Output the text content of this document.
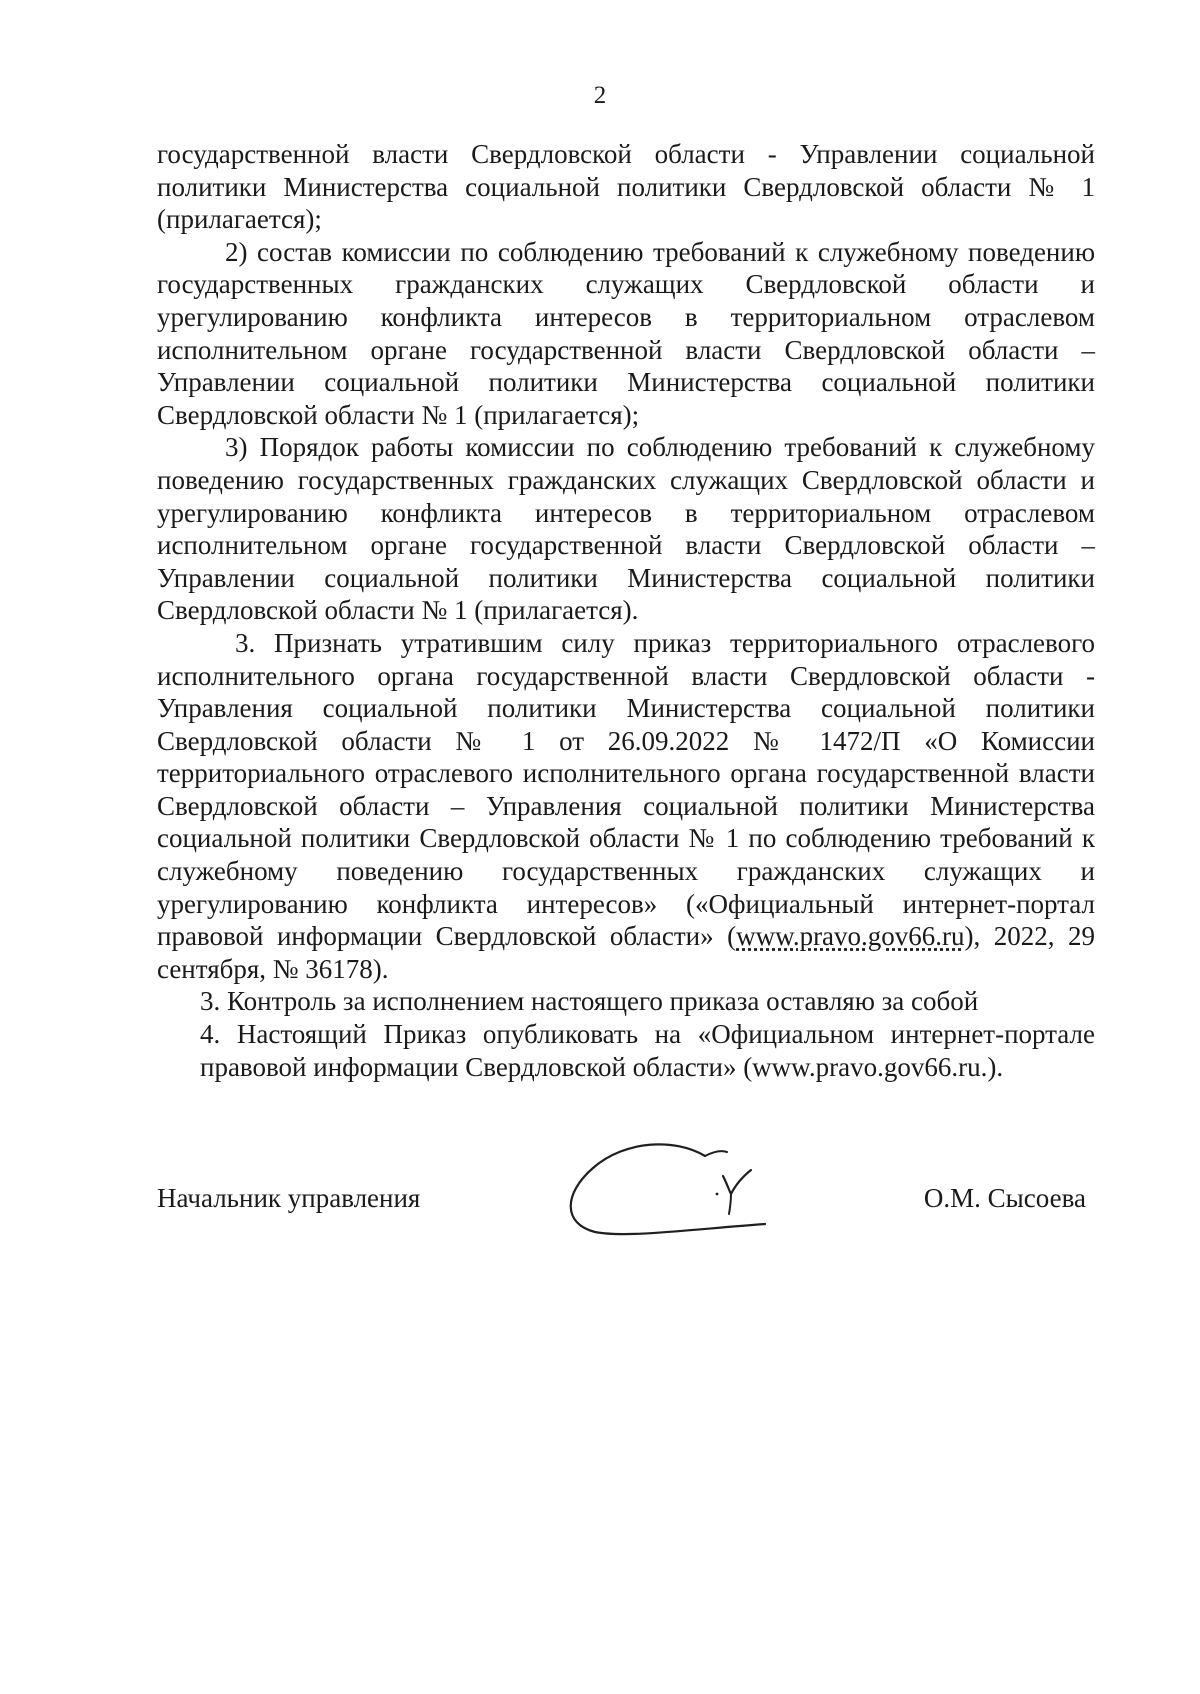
2

государственной власти Свердловской области - Управлении социальной политики Министерства социальной политики Свердловской области № 1 (прилагается);

2) состав комиссии по соблюдению требований к служебному поведению государственных гражданских служащих Свердловской области и урегулированию конфликта интересов в территориальном отраслевом исполнительном органе государственной власти Свердловской области – Управлении социальной политики Министерства социальной политики Свердловской области № 1 (прилагается);

3) Порядок работы комиссии по соблюдению требований к служебному поведению государственных гражданских служащих Свердловской области и урегулированию конфликта интересов в территориальном отраслевом исполнительном органе государственной власти Свердловской области – Управлении социальной политики Министерства социальной политики Свердловской области № 1 (прилагается).

3. Признать утратившим силу приказ территориального отраслевого исполнительного органа государственной власти Свердловской области - Управления социальной политики Министерства социальной политики Свердловской области № 1 от 26.09.2022 № 1472/П «О Комиссии территориального отраслевого исполнительного органа государственной власти Свердловской области – Управления социальной политики Министерства социальной политики Свердловской области № 1 по соблюдению требований к служебному поведению государственных гражданских служащих и урегулированию конфликта интересов» («Официальный интернет-портал правовой информации Свердловской области» (www.pravo.gov66.ru), 2022, 29 сентября, № 36178).

3. Контроль за исполнением настоящего приказа оставляю за собой

4. Настоящий Приказ опубликовать на «Официальном интернет-портале правовой информации Свердловской области» (www.pravo.gov66.ru.).

Начальник управления	О.М. Сысоева
